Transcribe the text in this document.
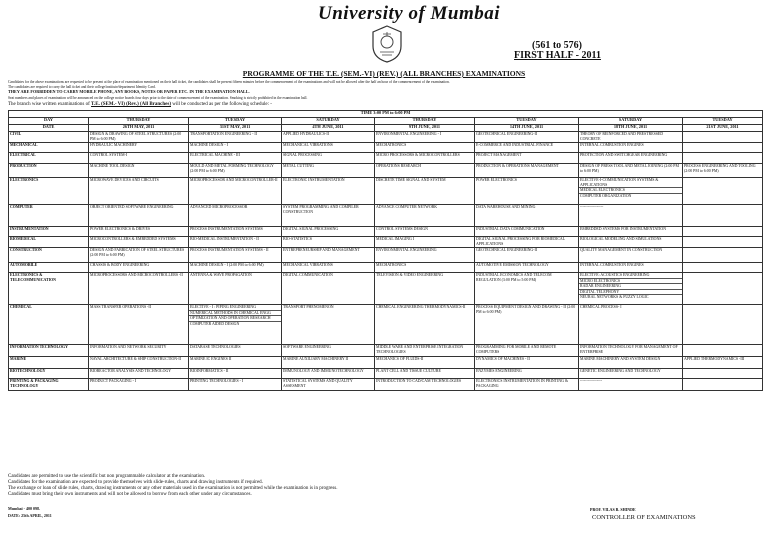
University of Mumbai
(561 to 576)
FIRST HALF - 2011
PROGRAMME OF THE T.E. (SEM.-VI) (REV.) (ALL BRANCHES) EXAMINATIONS
Candidates for the above examinations are requested to be present at the place of examination mentioned on their hall ticket, the candidates shall be present fifteen minutes before the commencement of the examinations and will not be allowed after the half an hour of the commencement of the examination.
The candidates are required to carry the hall ticket and their college/institute/department Identity Card.
THEY ARE FORBIDDEN TO CARRY MOBILE PHONE, ANY BOOKS, NOTES OR PAPER ETC. IN THE EXAMINATION HALL.
Seat numbers and places of examination will be announced on the college notice boards four days prior to the date of commencement of the examination. Smoking is strictly prohibited in the examination hall.
The branch wise written examinations of T.E. (SEM.- VI) (Rev.) (All Branches) will be conducted as per the following schedule: -
TIME 3:00 PM to 6:00 PM							
DAY	THURSDAY	TUESDAY	SATURDAY	THURSDAY	TUESDAY	SATURDAY	TUESDAY
DATE	26TH MAY, 2011	31ST MAY, 2011	4TH JUNE, 2011	9TH JUNE, 2011	14TH JUNE, 2011	18TH JUNE, 2011	21ST JUNE, 2011
CIVIL	DESIGN & DRAWING OF STEEL STRUCTURES (2:00 PM to 6:00 PM)	TRANSPORTATION ENGINEERING - II	APPLIED HYDRAULICS-II	ENVIRONMENTAL ENGINEERING - I	GEOTECHNICAL ENGINEERING-II	THEORY OF REINFORCED AND PRESTRESSED CONCRETE	
MECHANICAL	HYDRAULIC MACHINERY	MACHINE DESIGN - I	MECHANICAL VIBRATIONS	MECHATRONICS	E-COMMERCE AND INDUSTRIAL FINANCE	INTERNAL COMBUSTION ENGINES	
ELECTRICAL	CONTROL SYSTEM-I	ELECTRICAL MACHINE - III	SIGNAL PROCESSING	MICRO PROCESSORS & MICROCONTROLLERS	PROJECT MANAGEMENT	PROTECTION AND SWITCHGEAR ENGINEERING	
PRODUCTION	MACHINE TOOL DESIGN	MOULD AND METAL FORMING TECHNOLOGY (2:00 PM to 6:00 PM)	METAL CUTTING	OPERATIONS RESEARCH	PRODUCTION & OPERATIONS MANAGEMENT	DESIGN OF PRESS TOOL AND METAL JOINING (2:00 PM to 6:00 PM)	PROCESS ENGINEERING AND TOOLING (2:00 PM to 6:00 PM)
ELECTRONICS	MICROWAVE DEVICES AND CIRCUITS	MICROPROCESSOR AND MICROCONTROLLER-II	ELECTRONIC INSTRUMENTATION	DISCRETE TIME SIGNAL AND SYSTEM	POWER ELECTRONICS	ELECTIVE-I-COMMUNICATION SYSTEMS & APPLICATIONS
MEDICAL ELECTRONICS
COMPUTER ORGANIZATION	

COMPUTER	OBJECT ORIENTED SOFTWARE ENGINEERING	ADVANCED MICROPROCESSOR	SYSTEM PROGRAMMING AND COMPILER CONSTRUCTION	ADVANCE COMPUTER NETWORK	DATA WAREHOUSE AND MINING	------------------	
INSTRUMENTATION	POWER ELECTRONICS & DRIVES	PROCESS INSTRUMENTATION SYSTEMS	DIGITAL SIGNAL PROCESSING	CONTROL SYSTEMS DESIGN	INDUSTRIAL DATA COMMUNICATION	EMBEDDED SYSTEMS FOR INSTRUMENTATION	
BIOMEDICAL	MICROCONTROLLERS & EMBEDDED SYSTEMS	BIO-MEDICAL INSTRUMENTATION - II	BIO-STATISTICS	MEDICAL IMAGING I	DIGITAL SIGNAL PROCESSING FOR BIOMEDICAL APPLICATIONS	BIOLOGICAL MODELING AND SIMULATIONS	
CONSTRUCTION	DESIGN AND FABRICATION OF STEEL STRUCTURES (2:00 PM to 6:00 PM)	PROCESS INSTRUMENTATION SYSTEMS - II	ENTREPRENEURSHIP AND MANAGEMENT	ENVIRONMENTAL ENGINEERING	GEOTECHNICAL ENGINEERING-II	QUALITY MANAGEMENT IN CONSTRUCTION	
AUTOMOBILE	CHASSIS & BODY ENGINEERING	MACHINE DESIGN - I (2:00 PM to 6:00 PM)	MECHANICAL VIBRATIONS	MECHATRONICS	AUTOMOTIVE EMISSION TECHNOLOGY	INTERNAL COMBUSTION ENGINES	
ELECTRONICS & TELECOMMUNICATION	MICROPROCESSORS AND MICROCONTROLLERS -II	ANTENNA & WAVE PROPAGATION	DIGITAL COMMUNICATION	TELEVISION & VIDEO ENGINEERING	INDUSTRIAL ECONOMICS AND TELECOM REGULATION (3:00 PM to 5:00 PM)	ELECTIVE: ACOUSTICS ENGINEERING
MICRO ELECTRONICS
RADAR ENGINEERING
DIGITAL TELEPHONY
NEURAL NETWORKS & FUZZY LOGIC	

CHEMICAL	MASS TRANSFER OPERATIONS -II	ELECTIVE - I : PIPING ENGINEERING
NUMERICAL METHODS IN CHEMICAL ENGG
OPTIMIZATION AND OPERATION RESEARCH
COMPUTER AIDED DESIGN	TRANSPORT PHENOMENON	CHEMICAL ENGINEERING THERMODYNAMICS-II	PROCESS EQUIPMENT DESIGN AND DRAWING - II (2:00 PM to 6:00 PM)	CHEMICAL PROCESS- I	
INFORMATION TECHNOLOGY	INFORMATION AND NETWORK SECURITY	DATABASE TECHNOLOGIES	SOFTWARE ENGINEERING	MIDDLE WARE AND ENTERPRISE INTEGRATION TECHNOLOGIES	PROGRAMMING FOR MOBILE AND REMOTE COMPUTERS	INFORMATION TECHNOLOGY FOR MANAGEMENT OF ENTERPRISE	
MARINE	NAVAL ARCHITECTURE & SHIP CONSTRUCTION-II	MARINE IC ENGINES II	MARINE AUXILIARY MACHINERY II	MECHANICS OF FLUIDS-II	DYNAMICS OF MACHINES - II	MARINE MACHINERY AND SYSTEM DESIGN	APPLIED THERMODYNAMICS -III
BIOTECHNOLOGY	BIOREACTOR ANALYSIS AND TECHNOLOGY	BIOINFORMATICS - II	IMMUNOLOGY AND IMMUNOTECHNOLOGY	PLANT CELL AND TISSUE CULTURE	ENZYMES ENGINEERING	GENETIC ENGINEERING AND TECHNOLOGY	
PRINTING & PACKAGING TECHNOLOGY	PRODUCT PACKAGING - I	PRINTING TECHNOLOGIES - I	STATISTICAL SYSTEMS AND QUALITY ASSESMENT	INTRODUCTION TO CAD/CAM TECHNOLOGIES	ELECTRONICS INSTRUMENTATION IN PRINTING & PACKAGING	-----------------	
Candidates are permitted to use the scientific but non programmable calculator at the examination.
Candidates for the examination are expected to provide themselves with slide-rules, charts and drawing instruments if required.
The exchange or loan of slide rules, charts, drawing instruments or any other materials used in the examination is not permitted while the examination is in progress.
Candidates must bring their own instruments and will not be allowed to borrow from each other under any circumstances.
Mumbai - 400 098.
DATE: 25th APRIL, 2011
PROF. VILAS B. SHINDE
CONTROLLER OF EXAMINATIONS
